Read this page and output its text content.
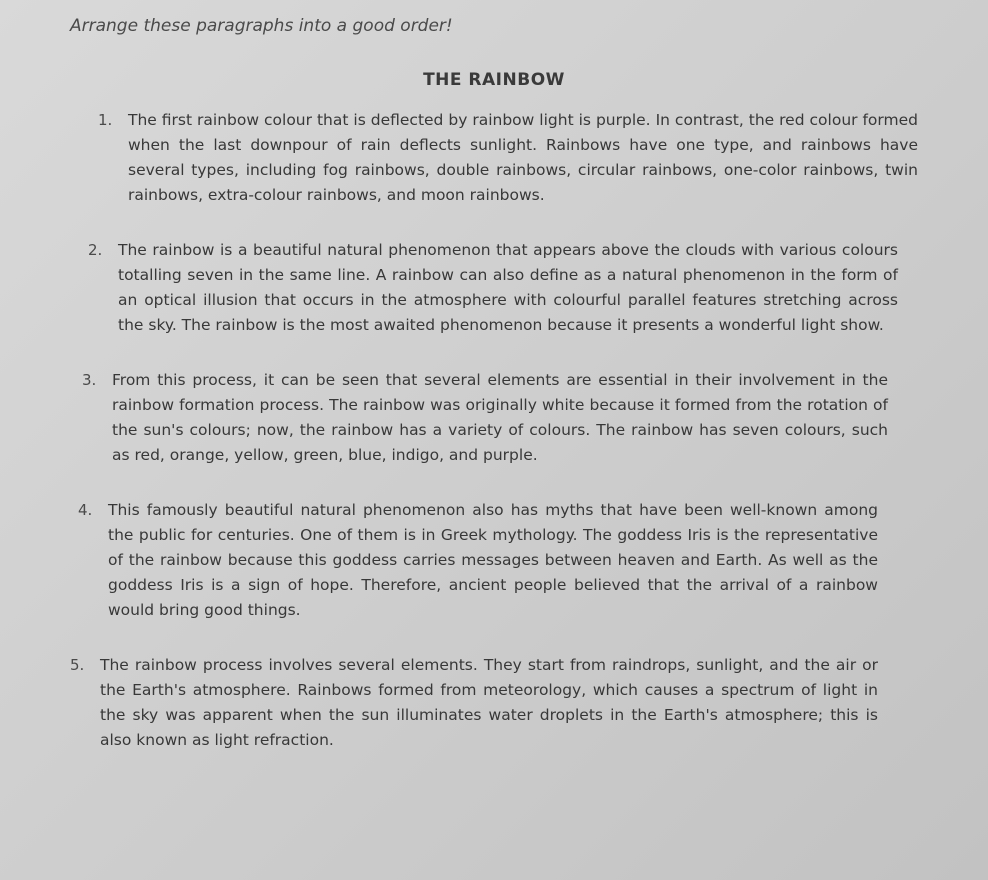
Arrange these paragraphs into a good order!

THE RAINBOW
1.	The first rainbow colour that is deflected by rainbow light is purple. In contrast, the red colour formed when the last downpour of rain deflects sunlight. Rainbows have one type, and rainbows have several types, including fog rainbows, double rainbows, circular rainbows, one-color rainbows, twin rainbows, extra-colour rainbows, and moon rainbows.
2.	The rainbow is a beautiful natural phenomenon that appears above the clouds with various colours totalling seven in the same line. A rainbow can also define as a natural phenomenon in the form of an optical illusion that occurs in the atmosphere with colourful parallel features stretching across the sky. The rainbow is the most awaited phenomenon because it presents a wonderful light show.
3.	From this process, it can be seen that several elements are essential in their involvement in the rainbow formation process. The rainbow was originally white because it formed from the rotation of the sun's colours; now, the rainbow has a variety of colours. The rainbow has seven colours, such as red, orange, yellow, green, blue, indigo, and purple.
4.	This famously beautiful natural phenomenon also has myths that have been well-known among the public for centuries. One of them is in Greek mythology. The goddess Iris is the representative of the rainbow because this goddess carries messages between heaven and Earth. As well as the goddess Iris is a sign of hope. Therefore, ancient people believed that the arrival of a rainbow would bring good things.
5.	The rainbow process involves several elements. They start from raindrops, sunlight, and the air or the Earth's atmosphere. Rainbows formed from meteorology, which causes a spectrum of light in the sky was apparent when the sun illuminates water droplets in the Earth's atmosphere; this is also known as light refraction.
